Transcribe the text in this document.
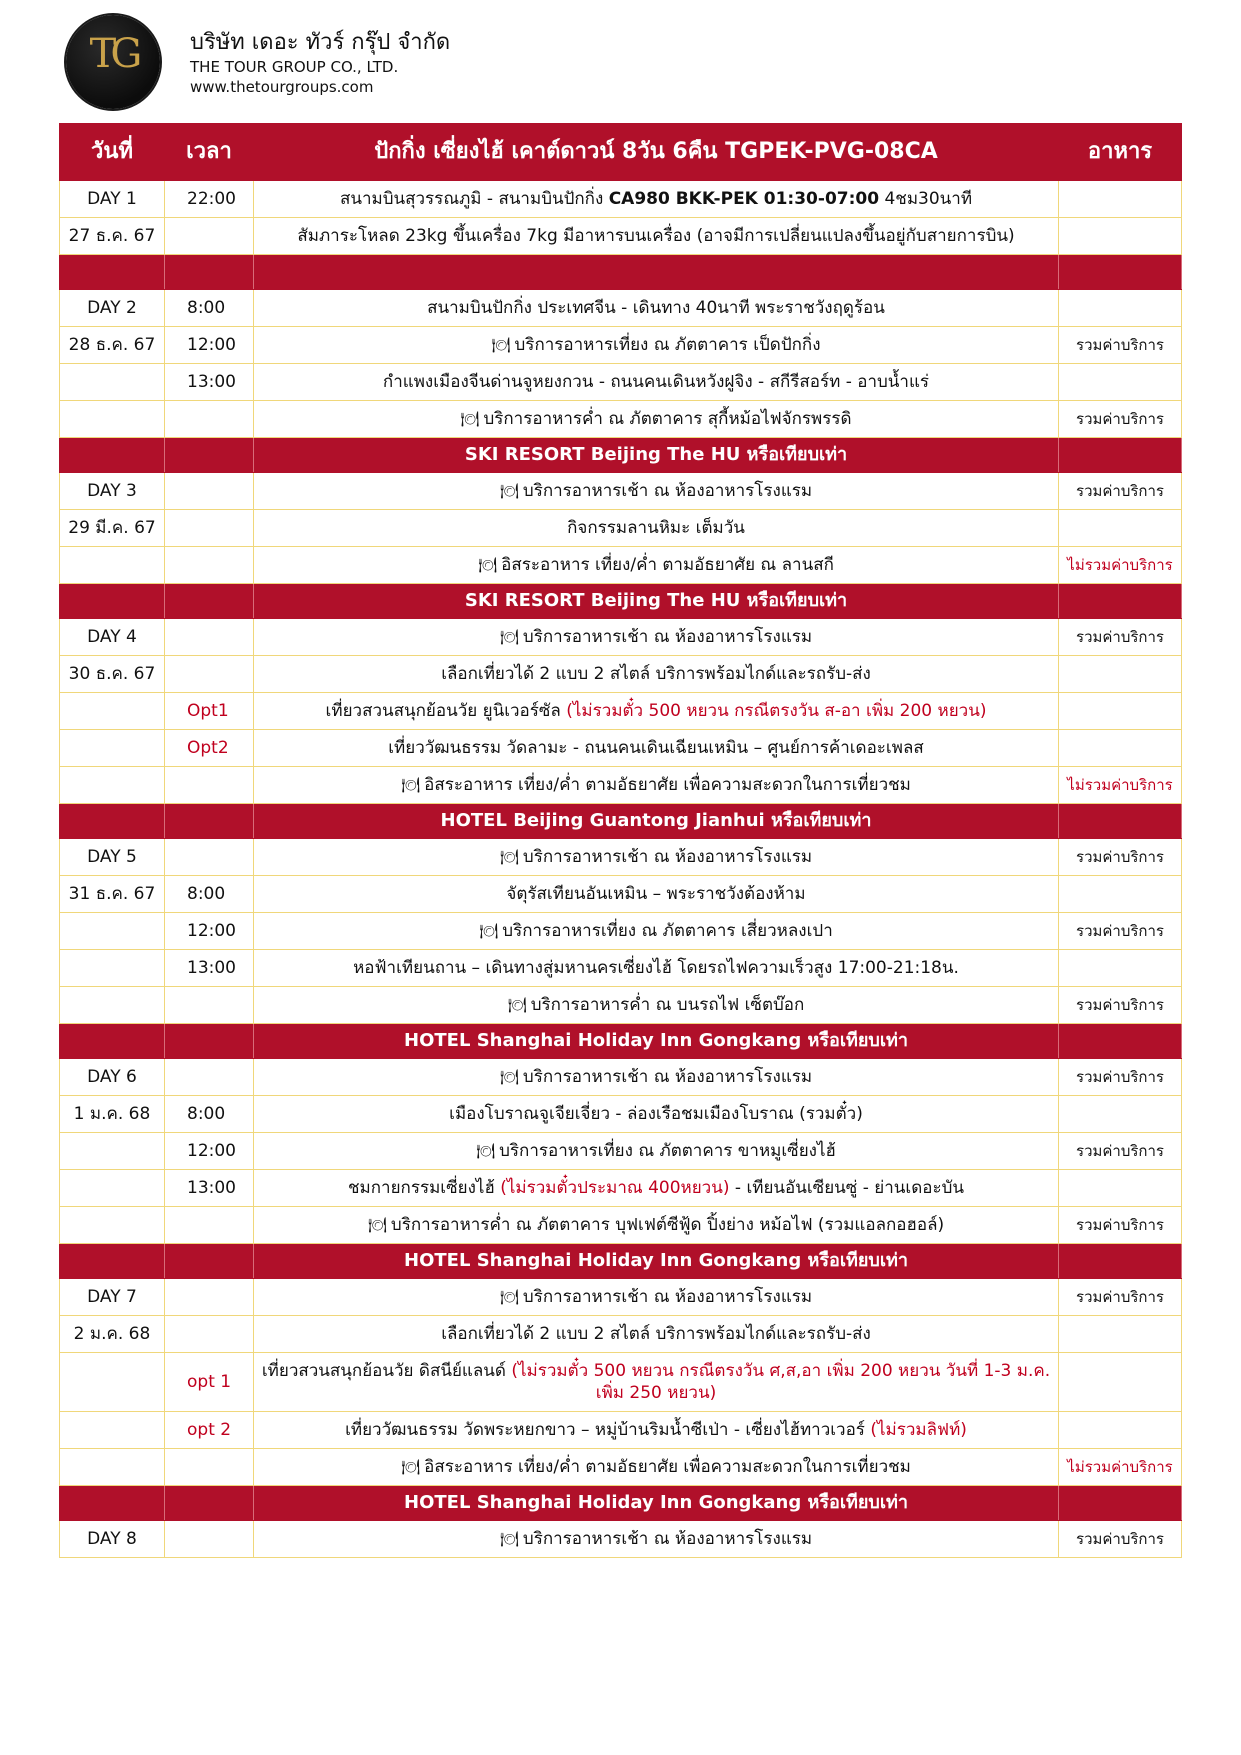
TG	บริษัท เดอะ ทัวร์ กรุ๊ป จำกัด
THE TOUR GROUP CO., LTD.
www.thetourgroups.com
วันที่	เวลา	ปักกิ่ง เซี่ยงไฮ้ เคาต์ดาวน์ 8วัน 6คืน TGPEK-PVG-08CA	อาหาร
DAY 1	22:00	สนามบินสุวรรณภูมิ - สนามบินปักกิ่ง CA980 BKK-PEK 01:30-07:00 4ชม30นาที	
27 ธ.ค. 67		สัมภาระโหลด 23kg ขึ้นเครื่อง 7kg มีอาหารบนเครื่อง (อาจมีการเปลี่ยนแปลงขึ้นอยู่กับสายการบิน)	

DAY 2	8:00	สนามบินปักกิ่ง ประเทศจีน - เดินทาง 40นาที พระราชวังฤดูร้อน	
28 ธ.ค. 67	12:00	🍽 บริการอาหารเที่ยง ณ ภัตตาคาร เป็ดปักกิ่ง	รวมค่าบริการ
	13:00	กำแพงเมืองจีนด่านจูหยงกวน - ถนนคนเดินหวังฝูจิง - สกีรีสอร์ท - อาบน้ำแร่	
		🍽 บริการอาหารค่ำ ณ ภัตตาคาร สุกี้หม้อไฟจักรพรรดิ	รวมค่าบริการ
		SKI RESORT Beijing The HU หรือเทียบเท่า	
DAY 3		🍽 บริการอาหารเช้า ณ ห้องอาหารโรงแรม	รวมค่าบริการ
29 มี.ค. 67		กิจกรรมลานหิมะ เต็มวัน	
		🍽 อิสระอาหาร เที่ยง/ค่ำ ตามอัธยาศัย ณ ลานสกี	ไม่รวมค่าบริการ
		SKI RESORT Beijing The HU หรือเทียบเท่า	
DAY 4		🍽 บริการอาหารเช้า ณ ห้องอาหารโรงแรม	รวมค่าบริการ
30 ธ.ค. 67		เลือกเที่ยวได้ 2 แบบ 2 สไตล์ บริการพร้อมไกด์และรถรับ-ส่ง	
	Opt1	เที่ยวสวนสนุกย้อนวัย ยูนิเวอร์ซัล (ไม่รวมตั๋ว 500 หยวน กรณีตรงวัน ส-อา เพิ่ม 200 หยวน)	
	Opt2	เที่ยววัฒนธรรม วัดลามะ - ถนนคนเดินเฉียนเหมิน – ศูนย์การค้าเดอะเพลส	
		🍽 อิสระอาหาร เที่ยง/ค่ำ ตามอัธยาศัย เพื่อความสะดวกในการเที่ยวชม	ไม่รวมค่าบริการ
		HOTEL Beijing Guantong Jianhui หรือเทียบเท่า	
DAY 5		🍽 บริการอาหารเช้า ณ ห้องอาหารโรงแรม	รวมค่าบริการ
31 ธ.ค. 67	8:00	จัตุรัสเทียนอันเหมิน – พระราชวังต้องห้าม	
	12:00	🍽 บริการอาหารเที่ยง ณ ภัตตาคาร เสี่ยวหลงเปา	รวมค่าบริการ
	13:00	หอฟ้าเทียนถาน – เดินทางสู่มหานครเซี่ยงไฮ้ โดยรถไฟความเร็วสูง 17:00-21:18น.	
		🍽 บริการอาหารค่ำ ณ บนรถไฟ เซ็ตบ๊อก	รวมค่าบริการ
		HOTEL Shanghai Holiday Inn Gongkang หรือเทียบเท่า	
DAY 6		🍽 บริการอาหารเช้า ณ ห้องอาหารโรงแรม	รวมค่าบริการ
1 ม.ค. 68	8:00	เมืองโบราณจูเจียเจี่ยว - ล่องเรือชมเมืองโบราณ (รวมตั๋ว)	
	12:00	🍽 บริการอาหารเที่ยง ณ ภัตตาคาร ขาหมูเซี่ยงไฮ้	รวมค่าบริการ
	13:00	ชมกายกรรมเซี่ยงไฮ้ (ไม่รวมตั๋วประมาณ 400หยวน) - เทียนอันเซียนซู่ - ย่านเดอะบัน	
		🍽 บริการอาหารค่ำ ณ ภัตตาคาร บุฟเฟต์ซีฟู้ด ปิ้งย่าง หม้อไฟ (รวมแอลกอฮอล์)	รวมค่าบริการ
		HOTEL Shanghai Holiday Inn Gongkang หรือเทียบเท่า	
DAY 7		🍽 บริการอาหารเช้า ณ ห้องอาหารโรงแรม	รวมค่าบริการ
2 ม.ค. 68		เลือกเที่ยวได้ 2 แบบ 2 สไตล์ บริการพร้อมไกด์และรถรับ-ส่ง	
	opt 1	เที่ยวสวนสนุกย้อนวัย ดิสนีย์แลนด์ (ไม่รวมตั๋ว 500 หยวน กรณีตรงวัน ศ,ส,อา เพิ่ม 200 หยวน วันที่ 1-3 ม.ค. เพิ่ม 250 หยวน)	
	opt 2	เที่ยววัฒนธรรม วัดพระหยกขาว – หมู่บ้านริมน้ำซีเป่า - เซี่ยงไฮ้ทาวเวอร์ (ไม่รวมลิฟท์)	
		🍽 อิสระอาหาร เที่ยง/ค่ำ ตามอัธยาศัย เพื่อความสะดวกในการเที่ยวชม	ไม่รวมค่าบริการ
		HOTEL Shanghai Holiday Inn Gongkang หรือเทียบเท่า	
DAY 8		🍽 บริการอาหารเช้า ณ ห้องอาหารโรงแรม	รวมค่าบริการ
